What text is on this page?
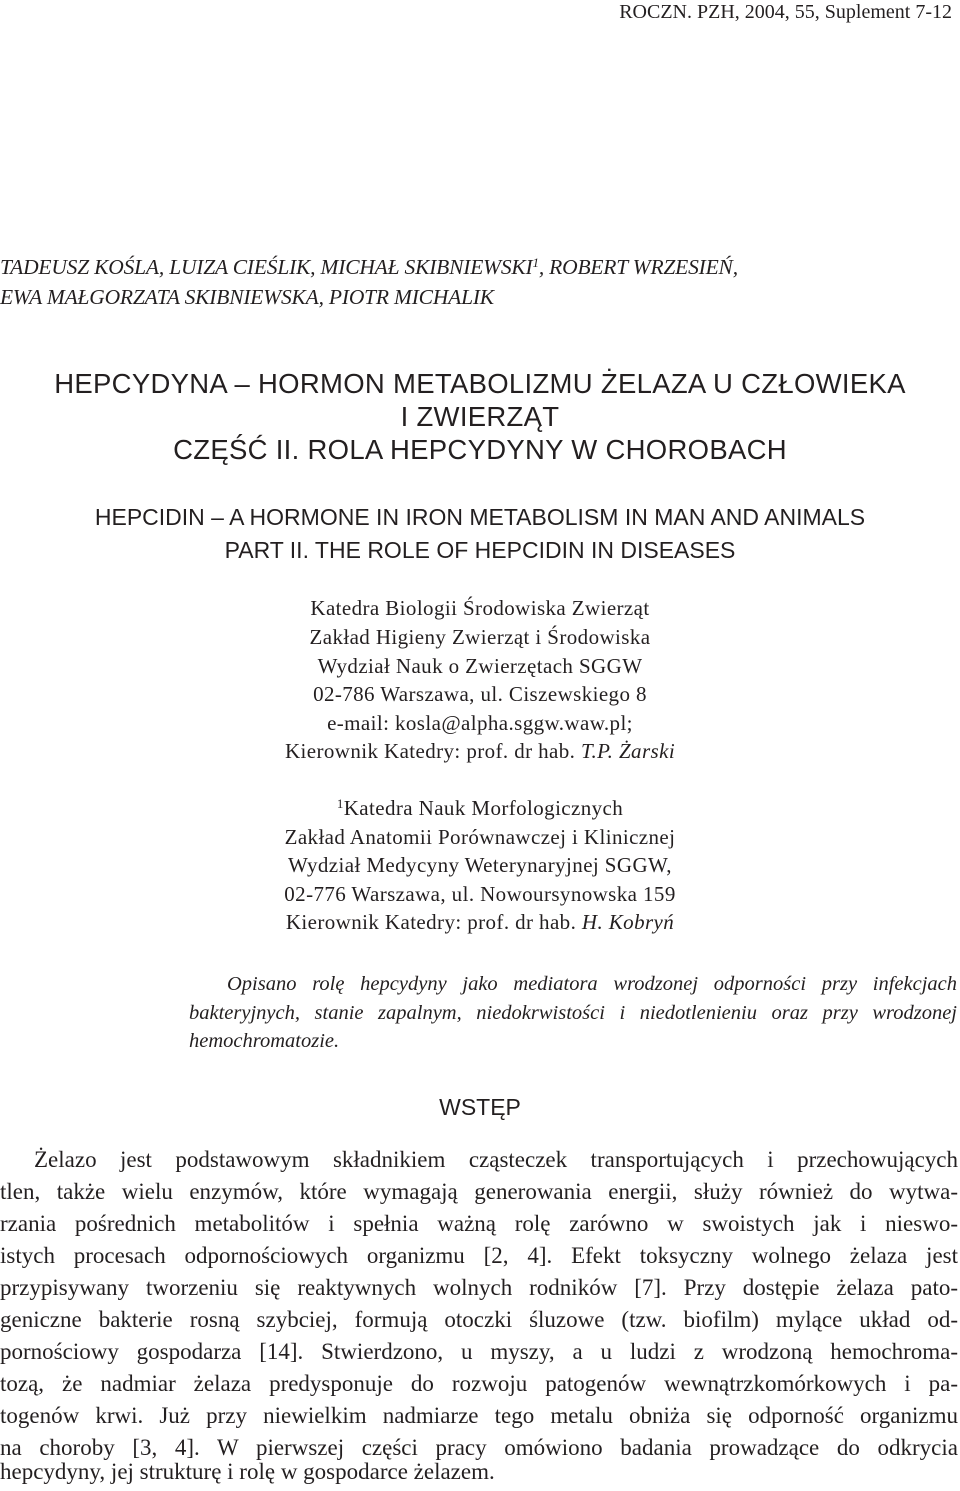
ROCZN. PZH, 2004, 55, Suplement 7-12

TADEUSZ KOŚLA, LUIZA CIEŚLIK, MICHAŁ SKIBNIEWSKI$^1$, ROBERT WRZESIEŃ,

EWA MAŁGORZATA SKIBNIEWSKA, PIOTR MICHALIK

HEPCYDYNA – HORMON METABOLIZMU ŻELAZA U CZŁOWIEKA

I ZWIERZĄT

CZĘŚĆ II. ROLA HEPCYDYNY W CHOROBACH

HEPCIDIN – A HORMONE IN IRON METABOLISM IN MAN AND ANIMALS

PART II. THE ROLE OF HEPCIDIN IN DISEASES

Katedra Biologii Środowiska Zwierząt

Zakład Higieny Zwierząt i Środowiska

Wydział Nauk o Zwierzętach SGGW

02-786 Warszawa, ul. Ciszewskiego 8

e-mail: kosla@alpha.sggw.waw.pl;

Kierownik Katedry: prof. dr hab. T.P. Żarski

$^1$Katedra Nauk Morfologicznych

Zakład Anatomii Porównawczej i Klinicznej

Wydział Medycyny Weterynaryjnej SGGW,

02-776 Warszawa, ul. Nowoursynowska 159

Kierownik Katedry: prof. dr hab. H. Kobryń

Opisano rolę hepcydyny jako mediatora wrodzonej odporności przy infekcjach bakteryjnych, stanie zapalnym, niedokrwistości i niedotlenieniu oraz przy wrodzonej hemochromatozie.

WSTĘP

Żelazo jest podstawowym składnikiem cząsteczek transportujących i przechowujących

tlen, także wielu enzymów, które wymagają generowania energii, służy również do wytwa-

rzania pośrednich metabolitów i spełnia ważną rolę zarówno w swoistych jak i nieswo-

istych procesach odpornościowych organizmu [2, 4]. Efekt toksyczny wolnego żelaza jest

przypisywany tworzeniu się reaktywnych wolnych rodników [7]. Przy dostępie żelaza pato-

geniczne bakterie rosną szybciej, formują otoczki śluzowe (tzw. biofilm) mylące układ od-

pornościowy gospodarza [14]. Stwierdzono, u myszy, a u ludzi z wrodzoną hemochroma-

tozą, że nadmiar żelaza predysponuje do rozwoju patogenów wewnątrzkomórkowych i pa-

togenów krwi. Już przy niewielkim nadmiarze tego metalu obniża się odporność organizmu

na choroby [3, 4]. W pierwszej części pracy omówiono badania prowadzące do odkrycia

hepcydyny, jej strukturę i rolę w gospodarce żelazem.
